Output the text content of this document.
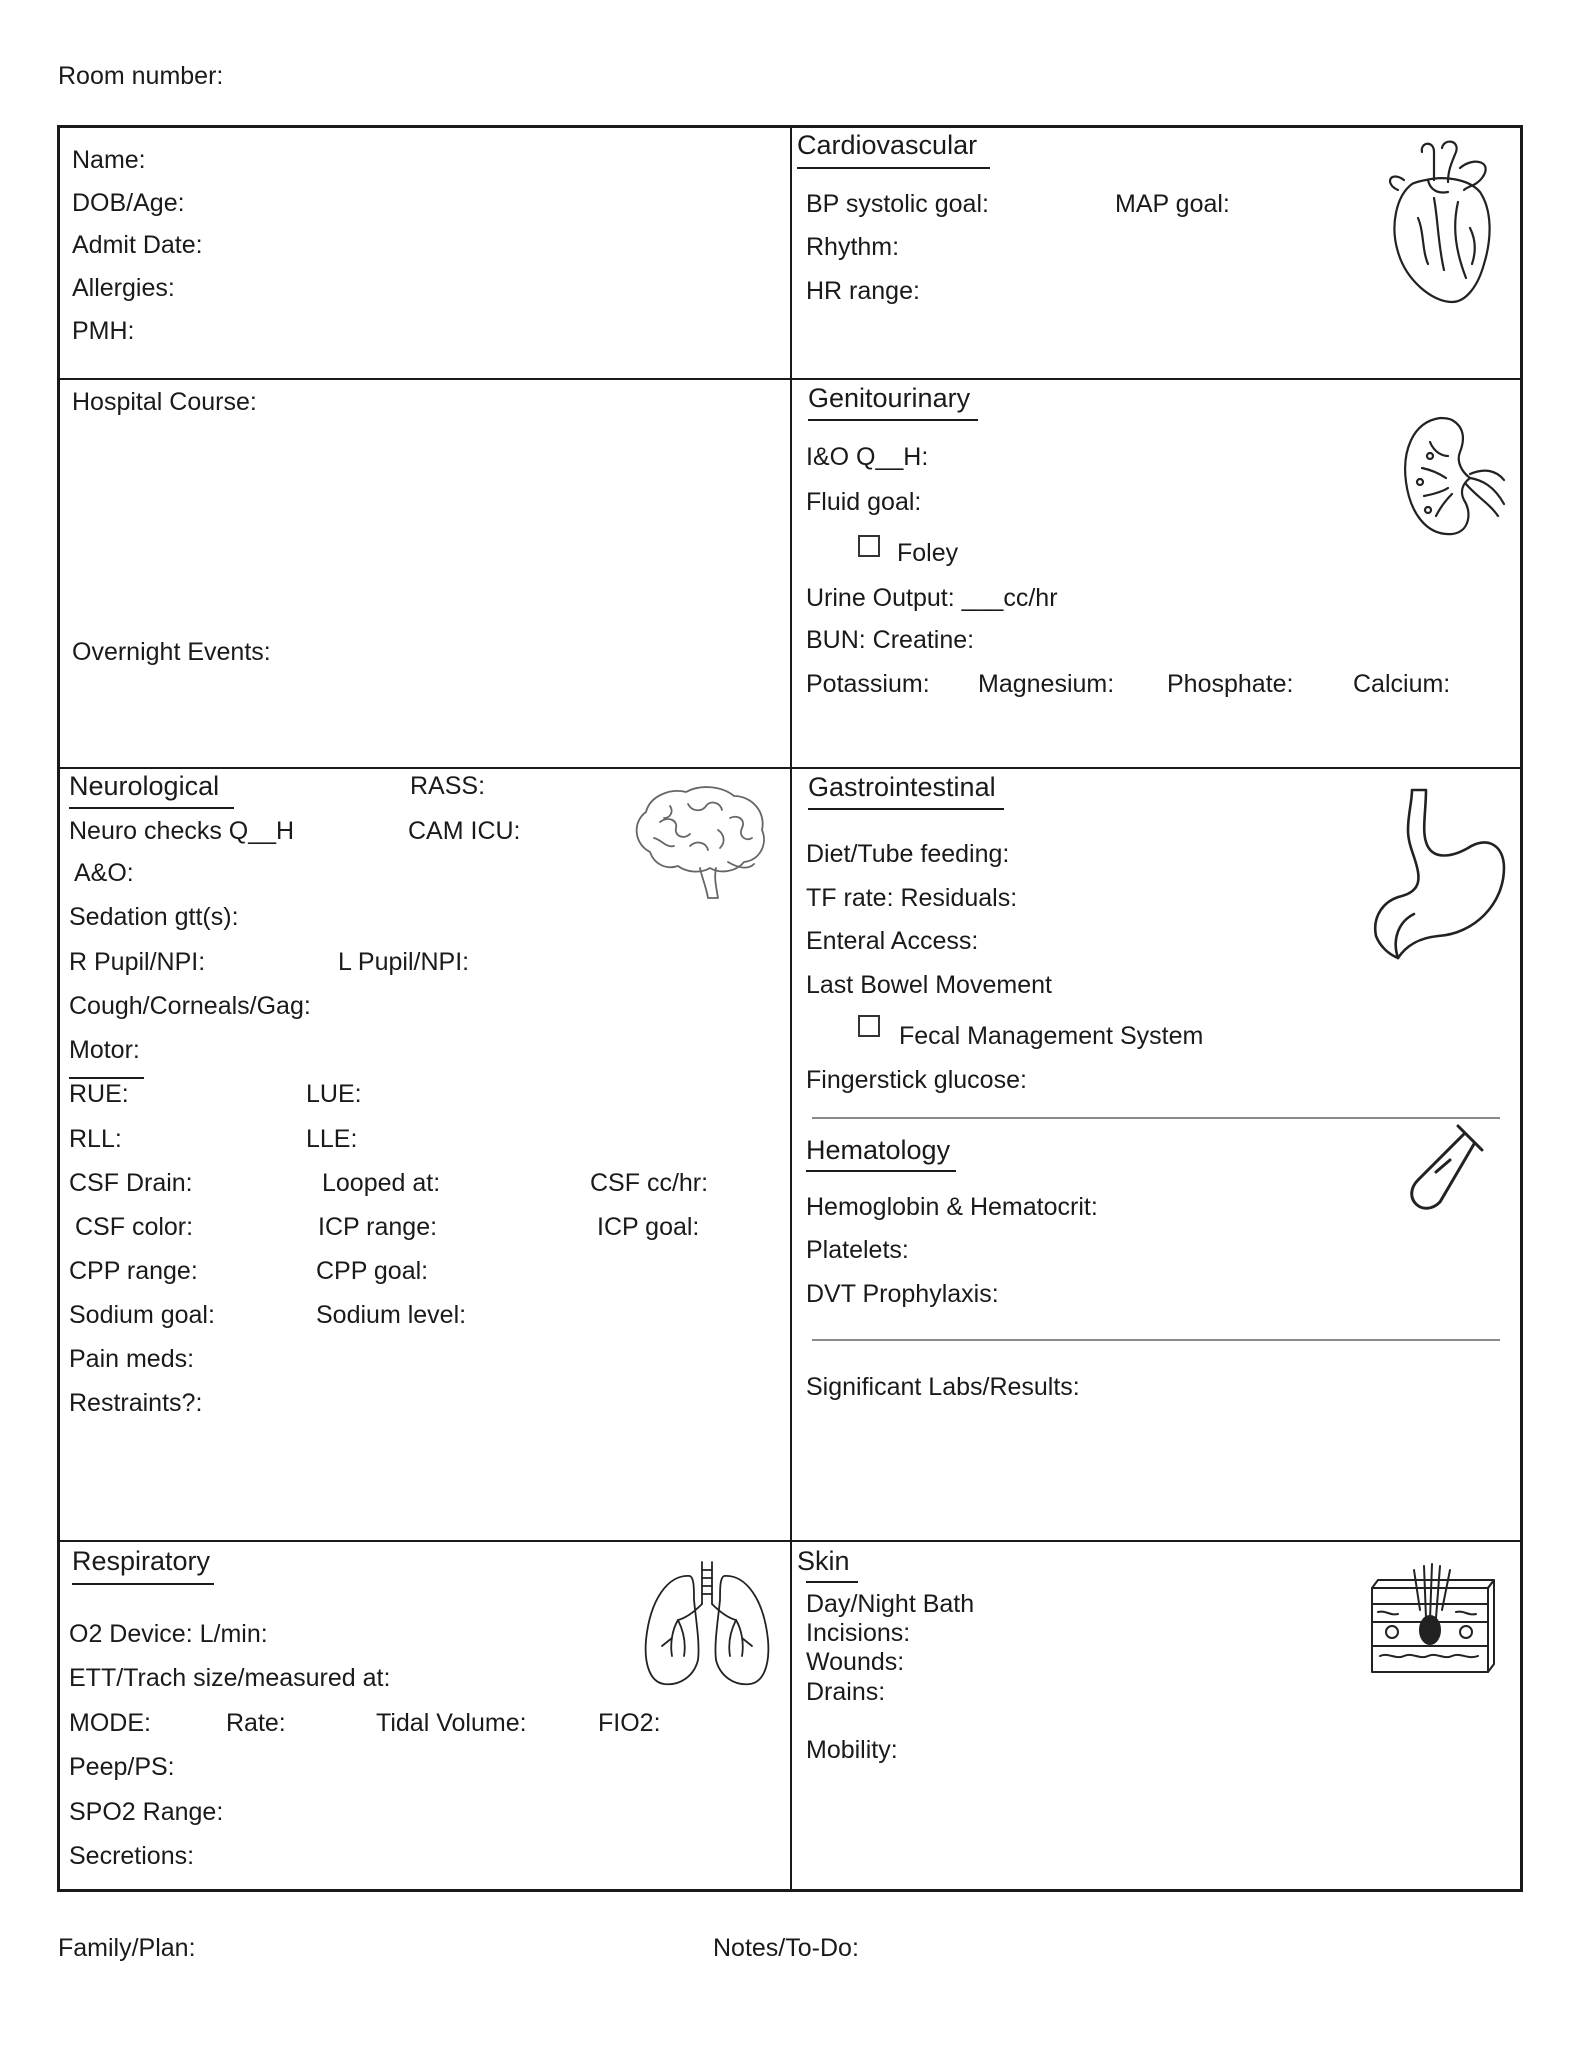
Room number:
Name:
DOB/Age:
Admit Date:
Allergies:
PMH:
Cardiovascular
BP systolic goal:	MAP goal:
Rhythm:
HR range:
Hospital Course:
Overnight Events:
Genitourinary
I&O Q__H:
Fluid goal:
Foley
Urine Output: ___cc/hr
BUN: Creatine:
Potassium: Magnesium: Phosphate: Calcium:
Neurological	RASS:
Neuro checks Q__H	CAM ICU:
A&O:
Sedation gtt(s):
R Pupil/NPI:	L Pupil/NPI:
Cough/Corneals/Gag:
Motor:
RUE:	LUE:
RLL:	LLE:
CSF Drain:	Looped at:	CSF cc/hr:
CSF color:	ICP range:	ICP goal:
CPP range:	CPP goal:
Sodium goal:	Sodium level:
Pain meds:
Restraints?:
Gastrointestinal
Diet/Tube feeding:
TF rate: Residuals:
Enteral Access:
Last Bowel Movement
Fecal Management System
Fingerstick glucose:
Hematology
Hemoglobin & Hematocrit:
Platelets:
DVT Prophylaxis:
Significant Labs/Results:
Respiratory
O2 Device: L/min:
ETT/Trach size/measured at:
MODE:	Rate:	Tidal Volume:	FIO2:
Peep/PS:
SPO2 Range:
Secretions:
Skin
Day/Night Bath
Incisions:
Wounds:
Drains:
Mobility:
Family/Plan:	Notes/To-Do:
